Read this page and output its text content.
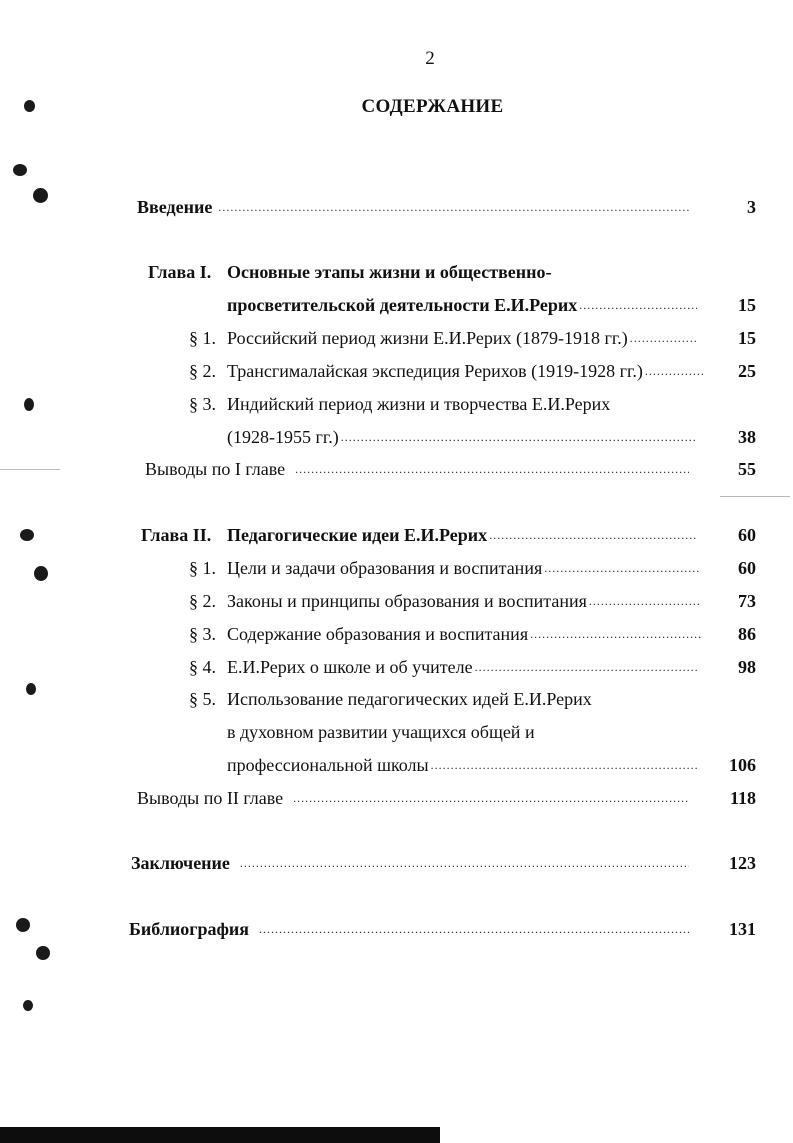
2
СОДЕРЖАНИЕ
Введение .....	3
Глава I. Основные этапы жизни и общественно-
просветительской деятельности Е.И.Рерих .....	15
§ 1. Российский период жизни Е.И.Рерих (1879-1918 гг.) .....	15
§ 2. Трансгималайская экспедиция Рерихов (1919-1928 гг.) .....	25
§ 3. Индийский период жизни и творчества Е.И.Рерих
(1928-1955 гг.) .....	38
Выводы по I главе .....	55
Глава II. Педагогические идеи Е.И.Рерих .....	60
§ 1. Цели и задачи образования и воспитания .....	60
§ 2. Законы и принципы образования и воспитания .....	73
§ 3. Содержание образования и воспитания .....	86
§ 4. Е.И.Рерих о школе и об учителе .....	98
§ 5. Использование педагогических идей Е.И.Рерих
в духовном развитии учащихся общей и
профессиональной школы .....	106
Выводы по II главе .....	118
Заключение .....	123
Библиография .....	131
